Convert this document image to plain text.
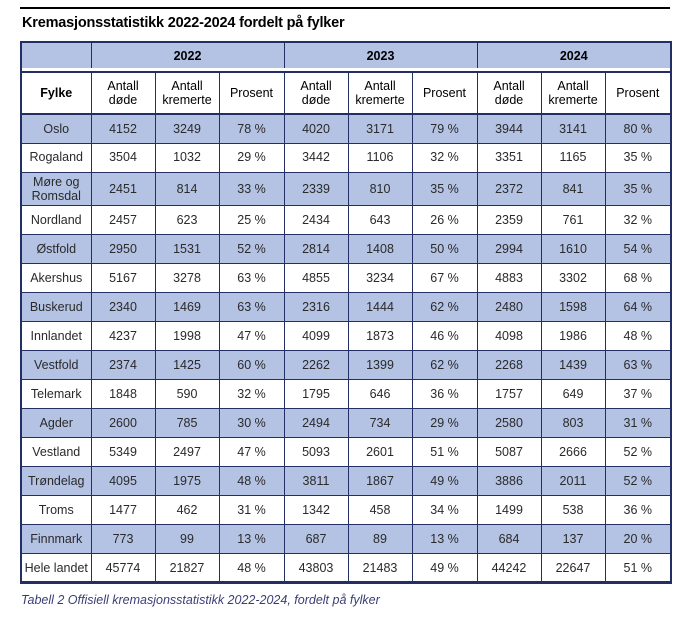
Kremasjonsstatistikk 2022-2024 fordelt på fylker
	2022			2023			2024		

Fylke	Antall døde	Antall kremerte	Prosent	Antall døde	Antall kremerte	Prosent	Antall døde	Antall kremerte	Prosent
Oslo	4152	3249	78 %	4020	3171	79 %	3944	3141	80 %
Rogaland	3504	1032	29 %	3442	1106	32 %	3351	1165	35 %
Møre og Romsdal	2451	814	33 %	2339	810	35 %	2372	841	35 %
Nordland	2457	623	25 %	2434	643	26 %	2359	761	32 %
Østfold	2950	1531	52 %	2814	1408	50 %	2994	1610	54 %
Akershus	5167	3278	63 %	4855	3234	67 %	4883	3302	68 %
Buskerud	2340	1469	63 %	2316	1444	62 %	2480	1598	64 %
Innlandet	4237	1998	47 %	4099	1873	46 %	4098	1986	48 %
Vestfold	2374	1425	60 %	2262	1399	62 %	2268	1439	63 %
Telemark	1848	590	32 %	1795	646	36 %	1757	649	37 %
Agder	2600	785	30 %	2494	734	29 %	2580	803	31 %
Vestland	5349	2497	47 %	5093	2601	51 %	5087	2666	52 %
Trøndelag	4095	1975	48 %	3811	1867	49 %	3886	2011	52 %
Troms	1477	462	31 %	1342	458	34 %	1499	538	36 %
Finnmark	773	99	13 %	687	89	13 %	684	137	20 %
Hele landet	45774	21827	48 %	43803	21483	49 %	44242	22647	51 %

Tabell 2 Offisiell kremasjonsstatistikk 2022-2024, fordelt på fylker
